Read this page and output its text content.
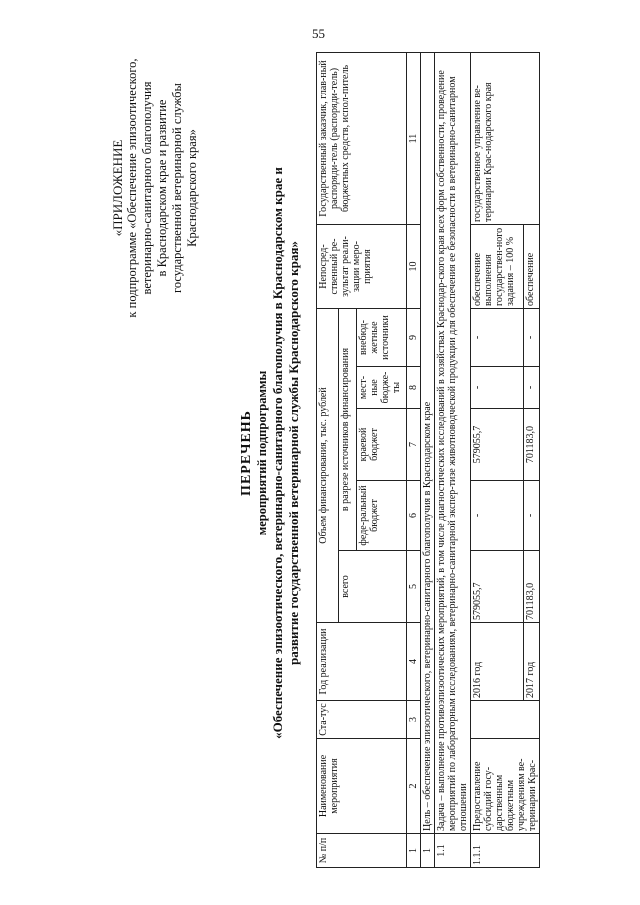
55
«ПРИЛОЖЕНИЕ к подпрограмме «Обеспечение эпизоотического, ветеринарно-санитарного благополучия в Краснодарском крае и развитие государственной ветеринарной службы Краснодарского края»
ПЕРЕЧЕНЬ мероприятий подпрограммы «Обеспечение эпизоотического, ветеринарно-санитарного благополучия в Краснодарском крае и развитие государственной ветеринарной службы Краснодарского края»
№ п/п	Наименование мероприятия	Ста-тус	Год реализации	Объем финансирования, тыс. рублей					Непосред-ственный ре-зультат реали-зации меро-приятия	Государственный заказчик, глав-ный распоряди-тель (распоряди-тель) бюджетных средств, испол-питель
				всего	в разрезе источников финансирования					
					феде-ральный бюджет	краевой бюджет	мест-ные бюдже-ты	внебюд-жетные источники		
1	2	3	4	5	6	7	8	9	10	11
1	Цель – обеспечение эпизоотического, ветеринарно-санитарного благополучия в Краснодарском крае									
1.1	Задача – выполнение противоэпизоотических мероприятий, в том числе диагностических исследований в хозяйствах Краснодар-ского края всех форм собственности, проведение мероприятий по лабораторным исследованиям, ветеринарно-санитарной экспер-тизе животноводческой продукции для обеспечения ее безопасности в ветеринарно-санитарном отношении									
1.1.1	Предоставление субсидий госу-дарственным бюджетным учреждениям ве-теринарии Крас-		2016 год	579055,7	-	579055,7	-	-	обеспечение выполнения государствен-ного задания – 100 %	государственное управление ве-теринарии Крас-нодарского края
			2017 год	701183,0	-	701183,0	-	-	обеспечение	
